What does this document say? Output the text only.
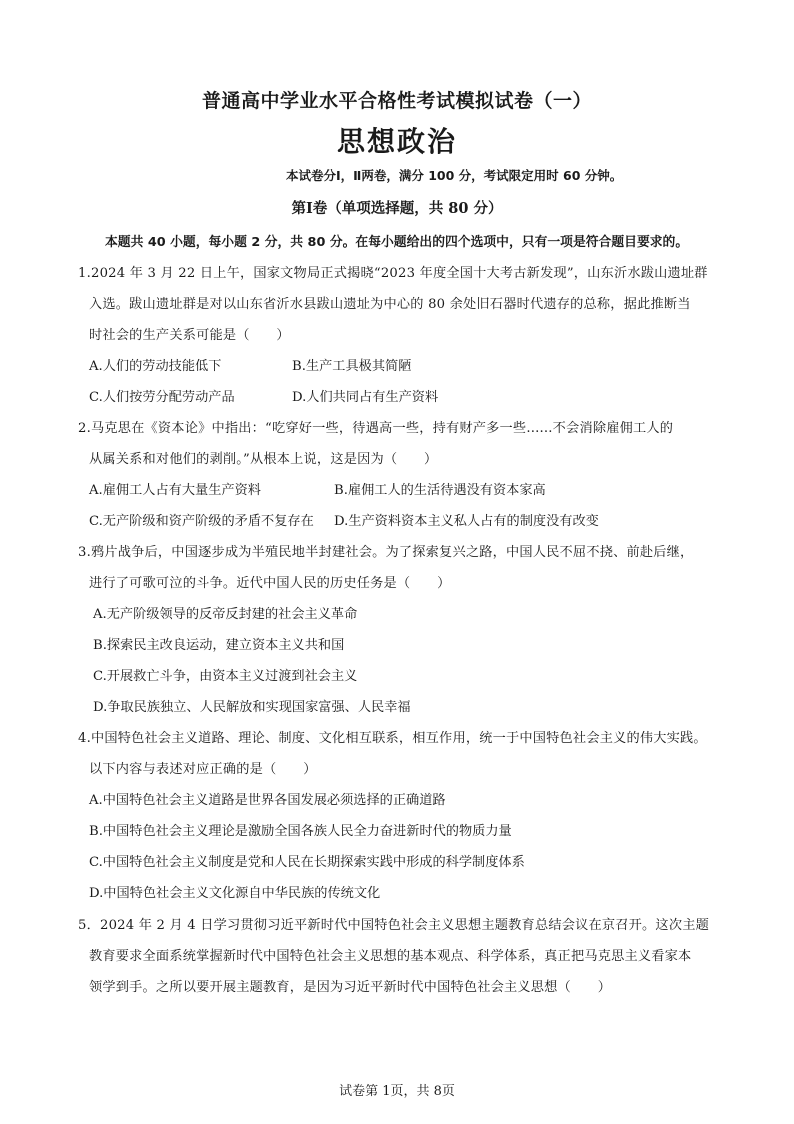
普通高中学业水平合格性考试模拟试卷（一）
思想政治
本试卷分Ⅰ，Ⅱ两卷，满分 100 分，考试限定用时 60 分钟。
第Ⅰ卷（单项选择题，共 80 分）
本题共 40 小题，每小题 2 分，共 80 分。在每小题给出的四个选项中，只有一项是符合题目要求的。
1.2024 年 3 月 22 日上午，国家文物局正式揭晓“2023 年度全国十大考古新发现”，山东沂水跋山遗址群
入选。跋山遗址群是对以山东省沂水县跋山遗址为中心的 80 余处旧石器时代遗存的总称，据此推断当
时社会的生产关系可能是（　　）
A.人们的劳动技能低下	B.生产工具极其简陋
C.人们按劳分配劳动产品	D.人们共同占有生产资料
2.马克思在《资本论》中指出：“吃穿好一些，待遇高一些，持有财产多一些......不会消除雇佣工人的
从属关系和对他们的剥削。”从根本上说，这是因为（　　）
A.雇佣工人占有大量生产资料	B.雇佣工人的生活待遇没有资本家高
C.无产阶级和资产阶级的矛盾不复存在 D.生产资料资本主义私人占有的制度没有改变
3.鸦片战争后，中国逐步成为半殖民地半封建社会。为了探索复兴之路，中国人民不屈不挠、前赴后继，
进行了可歌可泣的斗争。近代中国人民的历史任务是（　　）
A.无产阶级领导的反帝反封建的社会主义革命
B.探索民主改良运动，建立资本主义共和国
C.开展救亡斗争，由资本主义过渡到社会主义
D.争取民族独立、人民解放和实现国家富强、人民幸福
4.中国特色社会主义道路、理论、制度、文化相互联系，相互作用，统一于中国特色社会主义的伟大实践。
以下内容与表述对应正确的是（　　）
A.中国特色社会主义道路是世界各国发展必须选择的正确道路
B.中国特色社会主义理论是激励全国各族人民全力奋进新时代的物质力量
C.中国特色社会主义制度是党和人民在长期探索实践中形成的科学制度体系
D.中国特色社会主义文化源自中华民族的传统文化
5．2024 年 2 月 4 日学习贯彻习近平新时代中国特色社会主义思想主题教育总结会议在京召开。这次主题
教育要求全面系统掌握新时代中国特色社会主义思想的基本观点、科学体系，真正把马克思主义看家本
领学到手。之所以要开展主题教育，是因为习近平新时代中国特色社会主义思想（　　）
试卷第 1页，共 8页
